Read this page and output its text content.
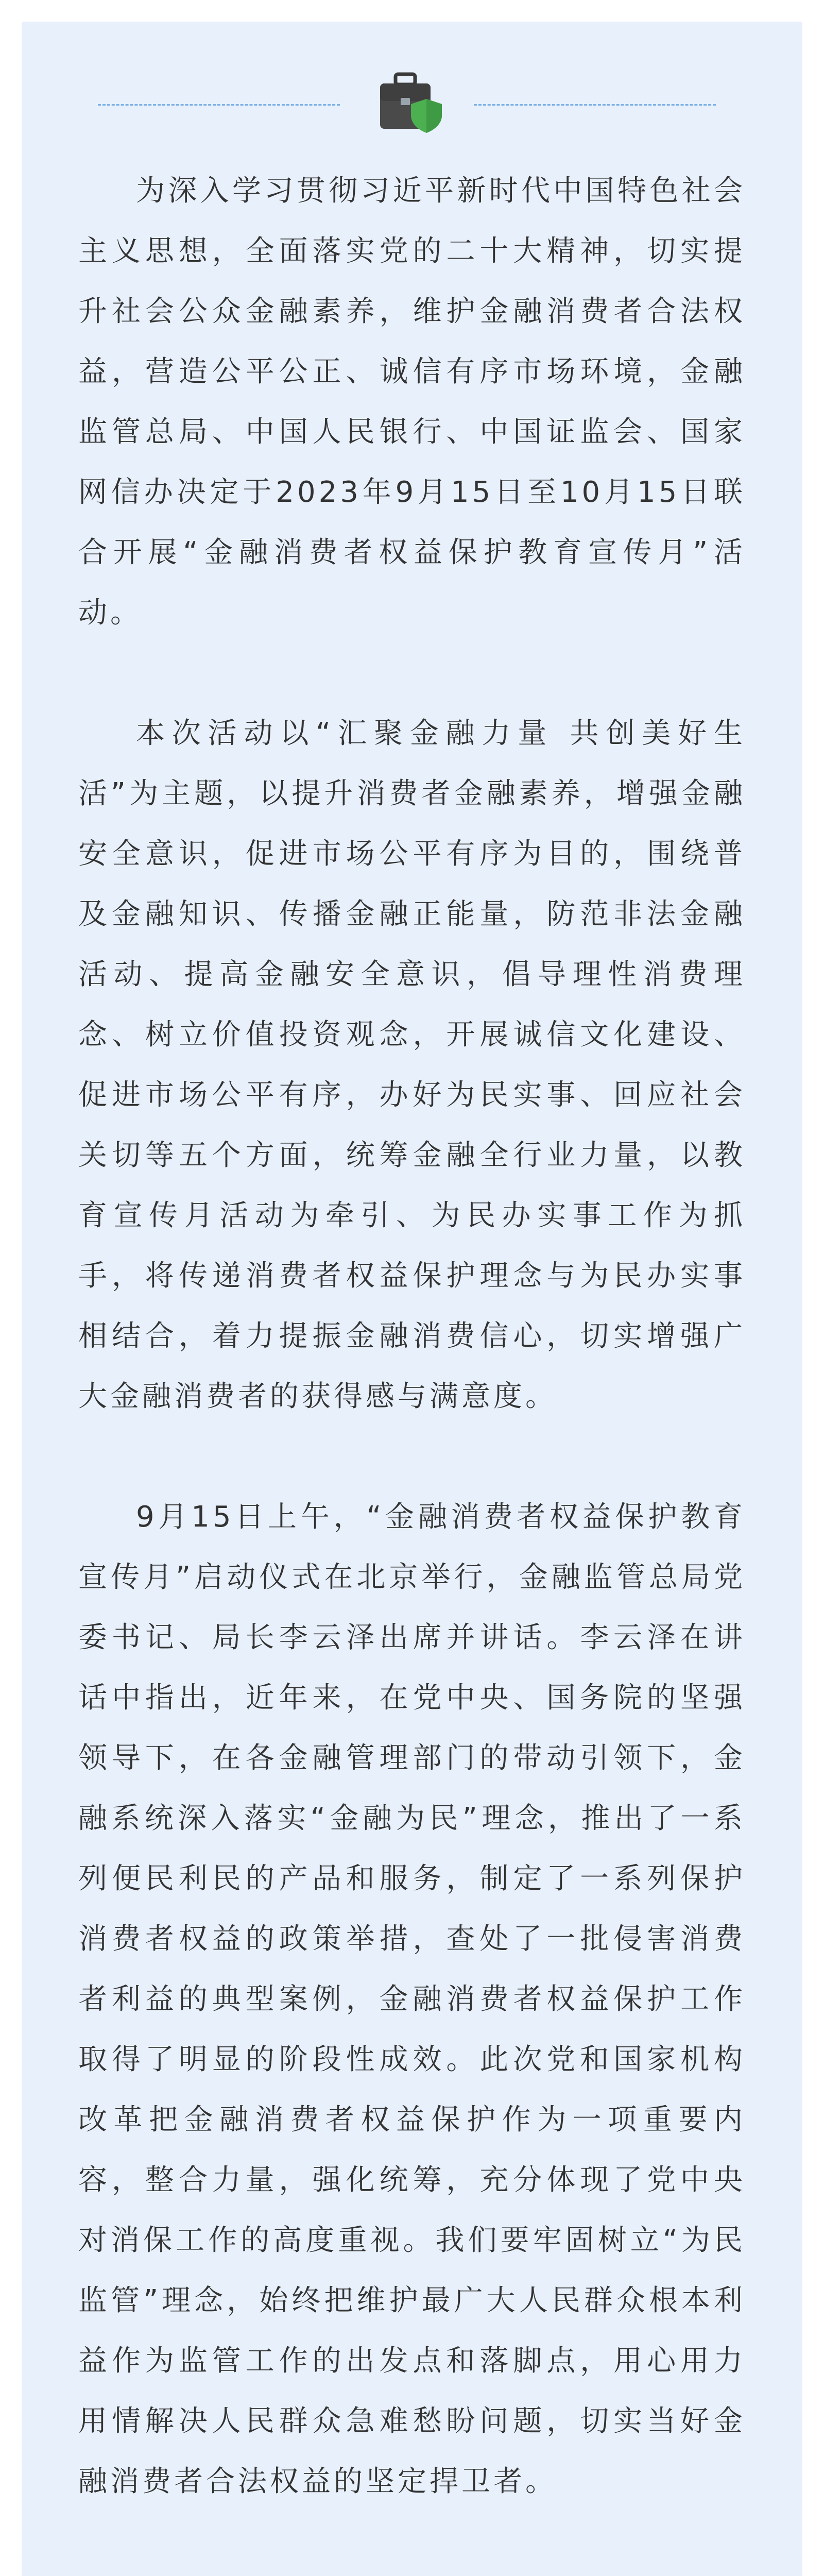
为深入学习贯彻习近平新时代中国特色社会主义思想，全面落实党的二十大精神，切实提升社会公众金融素养，维护金融消费者合法权益，营造公平公正、诚信有序市场环境，金融监管总局、中国人民银行、中国证监会、国家网信办决定于2023年9月15日至10月15日联合开展“金融消费者权益保护教育宣传月”活动。

本次活动以“汇聚金融力量 共创美好生活”为主题，以提升消费者金融素养，增强金融安全意识，促进市场公平有序为目的，围绕普及金融知识、传播金融正能量，防范非法金融活动、提高金融安全意识，倡导理性消费理念、树立价值投资观念，开展诚信文化建设、促进市场公平有序，办好为民实事、回应社会关切等五个方面，统筹金融全行业力量，以教育宣传月活动为牵引、为民办实事工作为抓手，将传递消费者权益保护理念与为民办实事相结合，着力提振金融消费信心，切实增强广大金融消费者的获得感与满意度。

9月15日上午，“金融消费者权益保护教育宣传月”启动仪式在北京举行，金融监管总局党委书记、局长李云泽出席并讲话。李云泽在讲话中指出，近年来，在党中央、国务院的坚强领导下，在各金融管理部门的带动引领下，金融系统深入落实“金融为民”理念，推出了一系列便民利民的产品和服务，制定了一系列保护消费者权益的政策举措，查处了一批侵害消费者利益的典型案例，金融消费者权益保护工作取得了明显的阶段性成效。此次党和国家机构改革把金融消费者权益保护作为一项重要内容，整合力量，强化统筹，充分体现了党中央对消保工作的高度重视。我们要牢固树立“为民监管”理念，始终把维护最广大人民群众根本利益作为监管工作的出发点和落脚点，用心用力用情解决人民群众急难愁盼问题，切实当好金融消费者合法权益的坚定捍卫者。
